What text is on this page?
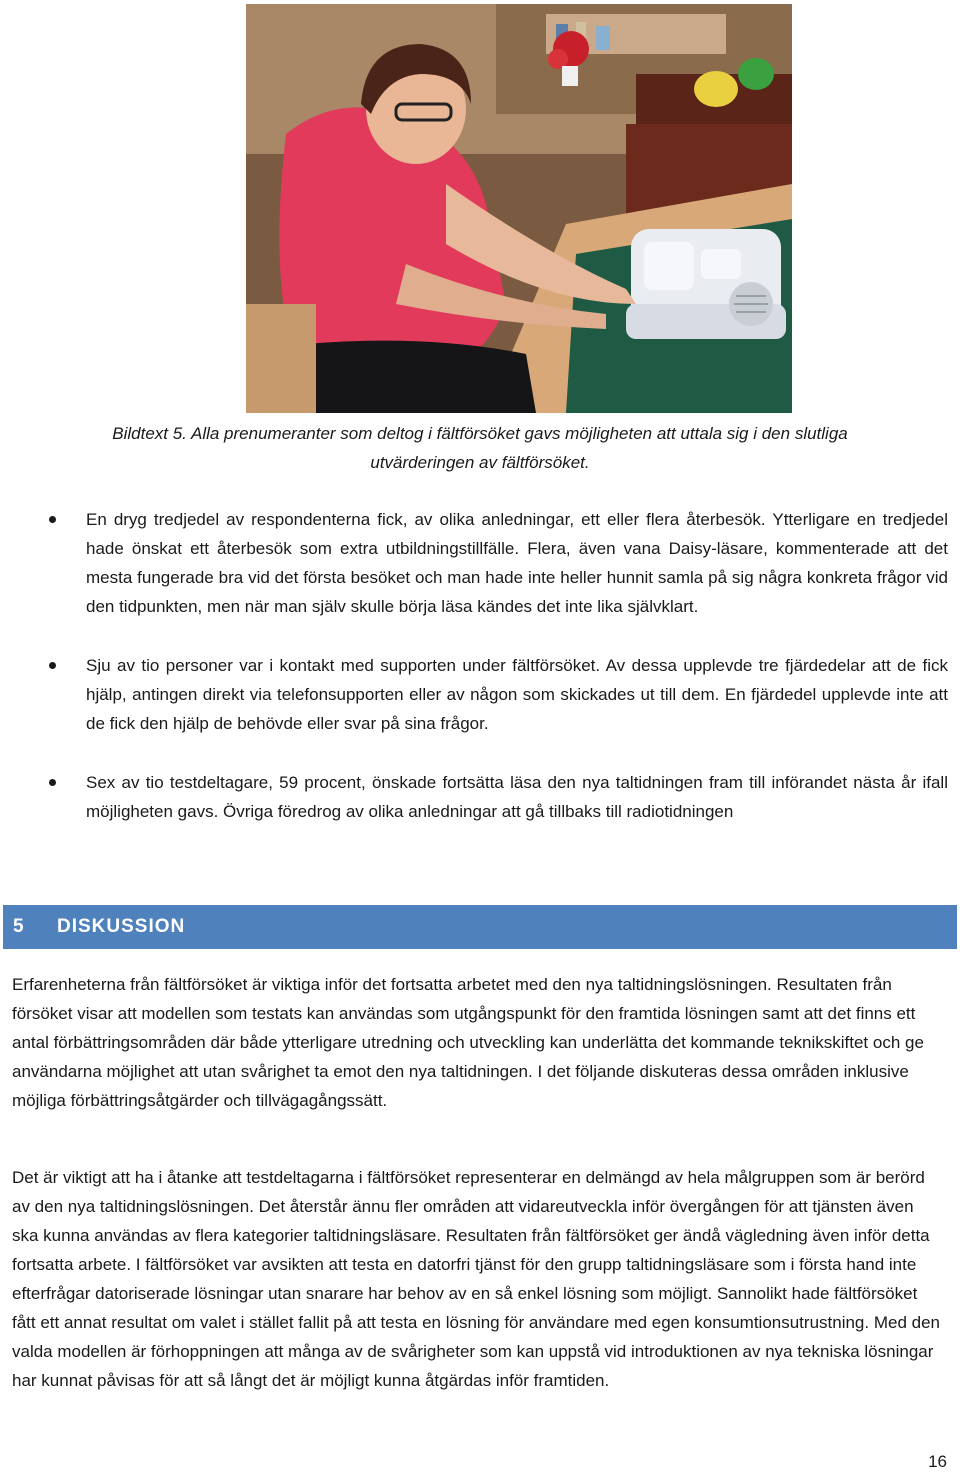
Bildtext 5. Alla prenumeranter som deltog i fältförsöket gavs möjligheten att uttala sig i den slutliga
utvärderingen av fältförsöket.
En dryg tredjedel av respondenterna fick, av olika anledningar, ett eller flera återbesök. Ytterligare en tredjedel hade önskat ett återbesök som extra utbildningstillfälle. Flera, även vana Daisy-läsare, kommenterade att det mesta fungerade bra vid det första besöket och man hade inte heller hunnit samla på sig några konkreta frågor vid den tidpunkten, men när man själv skulle börja läsa kändes det inte lika självklart.
Sju av tio personer var i kontakt med supporten under fältförsöket. Av dessa upplevde tre fjärdedelar att de fick hjälp, antingen direkt via telefonsupporten eller av någon som skickades ut till dem. En fjärdedel upplevde inte att de fick den hjälp de behövde eller svar på sina frågor.
Sex av tio testdeltagare, 59 procent, önskade fortsätta läsa den nya taltidningen fram till införandet nästa år ifall möjligheten gavs. Övriga föredrog av olika anledningar att gå tillbaks till radiotidningen
5	DISKUSSION

Erfarenheterna från fältförsöket är viktiga inför det fortsatta arbetet med den nya taltidningslösningen. Resultaten från försöket visar att modellen som testats kan användas som utgångspunkt för den framtida lösningen samt att det finns ett antal förbättringsområden där både ytterligare utredning och utveckling kan underlätta det kommande teknikskiftet och ge användarna möjlighet att utan svårighet ta emot den nya taltidningen. I det följande diskuteras dessa områden inklusive möjliga förbättringsåtgärder och tillvägagångssätt.

Det är viktigt att ha i åtanke att testdeltagarna i fältförsöket representerar en delmängd av hela målgruppen som är berörd av den nya taltidningslösningen. Det återstår ännu fler områden att vidareutveckla inför övergången för att tjänsten även ska kunna användas av flera kategorier taltidningsläsare. Resultaten från fältförsöket ger ändå vägledning även inför detta fortsatta arbete. I fältförsöket var avsikten att testa en datorfri tjänst för den grupp taltidningsläsare som i första hand inte efterfrågar datoriserade lösningar utan snarare har behov av en så enkel lösning som möjligt. Sannolikt hade fältförsöket fått ett annat resultat om valet i stället fallit på att testa en lösning för användare med egen konsumtionsutrustning. Med den valda modellen är förhoppningen att många av de svårigheter som kan uppstå vid introduktionen av nya tekniska lösningar har kunnat påvisas för att så långt det är möjligt kunna åtgärdas inför framtiden.

16
